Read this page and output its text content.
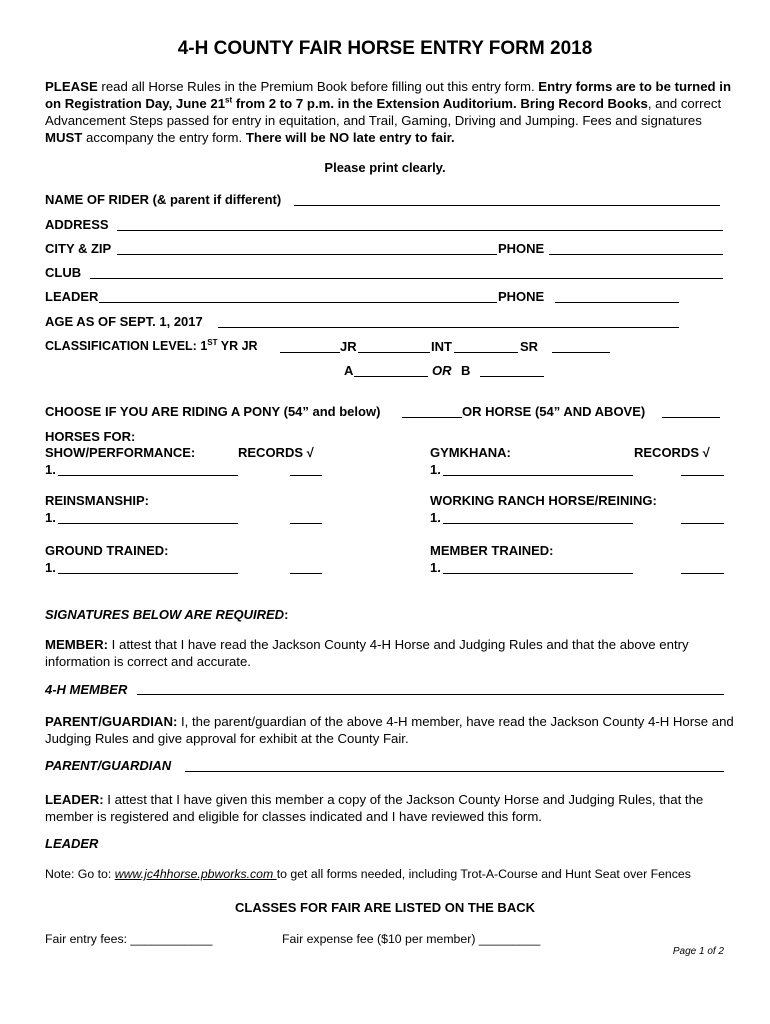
4-H COUNTY FAIR HORSE ENTRY FORM 2018
PLEASE read all Horse Rules in the Premium Book before filling out this entry form. Entry forms are to be turned in on Registration Day, June 21st from 2 to 7 p.m. in the Extension Auditorium. Bring Record Books, and correct Advancement Steps passed for entry in equitation, and Trail, Gaming, Driving and Jumping. Fees and signatures MUST accompany the entry form. There will be NO late entry to fair.
Please print clearly.
NAME OF RIDER (& parent if different)
ADDRESS
CITY & ZIP	PHONE
CLUB
LEADER	PHONE
AGE AS OF SEPT. 1, 2017
CLASSIFICATION LEVEL: 1ST YR JR	JR	INT	SR
A	OR B
CHOOSE IF YOU ARE RIDING A PONY (54” and below)	OR HORSE (54” AND ABOVE)
HORSES FOR:
SHOW/PERFORMANCE:	RECORDS √	GYMKHANA:	RECORDS √
1.	1.
REINSMANSHIP:	WORKING RANCH HORSE/REINING:
1.	1.
GROUND TRAINED:	MEMBER TRAINED:
1.	1.
SIGNATURES BELOW ARE REQUIRED:
MEMBER: I attest that I have read the Jackson County 4-H Horse and Judging Rules and that the above entry information is correct and accurate.
4-H MEMBER
PARENT/GUARDIAN: I, the parent/guardian of the above 4-H member, have read the Jackson County 4-H Horse and Judging Rules and give approval for exhibit at the County Fair.
PARENT/GUARDIAN
LEADER: I attest that I have given this member a copy of the Jackson County Horse and Judging Rules, that the member is registered and eligible for classes indicated and I have reviewed this form.
LEADER
Note: Go to: www.jc4hhorse.pbworks.com to get all forms needed, including Trot-A-Course and Hunt Seat over Fences
CLASSES FOR FAIR ARE LISTED ON THE BACK
Fair entry fees: ____________	Fair expense fee ($10 per member) _________
Page 1 of 2
